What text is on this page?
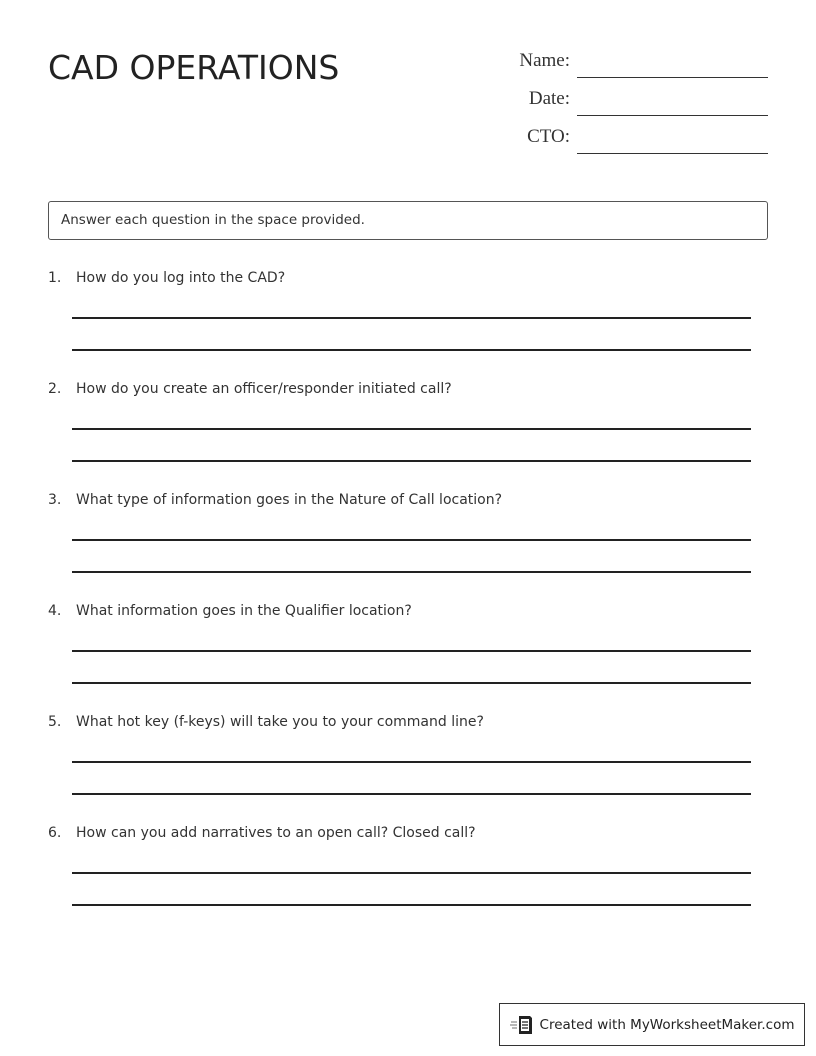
CAD OPERATIONS	Name:
Date:
CTO:
Answer each question in the space provided.
1. How do you log into the CAD?
2. How do you create an officer/responder initiated call?
3. What type of information goes in the Nature of Call location?
4. What information goes in the Qualifier location?
5. What hot key (f-keys) will take you to your command line?
6. How can you add narratives to an open call? Closed call?
Created with MyWorksheetMaker.com
